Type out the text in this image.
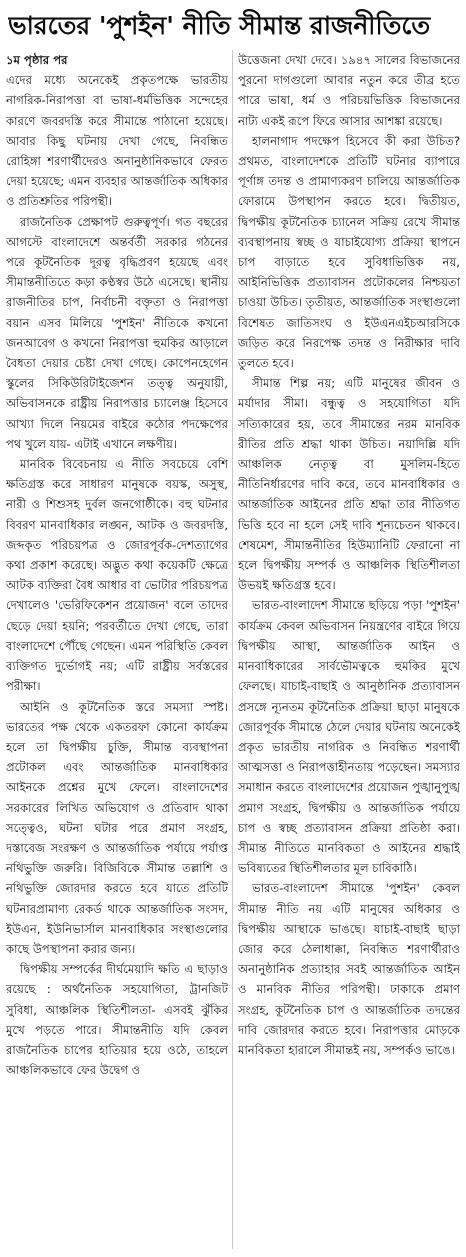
ভারতের 'পুশইন' নীতি সীমান্ত রাজনীতিতে
১ম পৃষ্ঠার পর

এদের মধ্যে অনেকেই প্রকৃতপক্ষে ভারতীয় নাগরিক-নিরাপত্তা বা ভাষা-ধর্মভিত্তিক সন্দেহের কারণে জবরদস্তি করে সীমান্তে পাঠানো হয়েছে। আবার কিছু ঘটনায় দেখা গেছে, নিবন্ধিত রোহিঙ্গা শরণার্থীদেরও অনানুষ্ঠানিকভাবে ফেরত দেয়া হয়েছে; এমন ব্যবহার আন্তর্জাতিক অধিকার ও প্রতিশ্রুতির পরিপন্থী।

রাজনৈতিক প্রেক্ষাপট গুরুত্বপূর্ণ। গত বছরের আগস্টে বাংলাদেশে অন্তর্বর্তী সরকার গঠনের পরে কূটনৈতিক দূরত্ব বৃদ্ধিপ্রবণ হয়েছে এবং সীমান্তনীতিতে কড়া কণ্ঠস্বর উঠে এসেছে। স্থানীয় রাজনীতির চাপ, নির্বাচনী বক্তৃতা ও নিরাপত্তা বয়ান এসব মিলিয়ে 'পুশইন' নীতিকে কখনো জনআবেগ ও কখনো নিরাপত্তা হুমকির আড়ালে বৈধতা দেয়ার চেষ্টা দেখা গেছে। কোপেনহেগেন স্কুলের সিকিউরিটাইজেশন তত্ত্ব অনুযায়ী, অভিবাসনকে রাষ্ট্রীয় নিরাপত্তার চ্যালেঞ্জ হিসেবে আখ্যা দিলে নিয়মের বাইরে কঠোর পদক্ষেপের পথ খুলে যায়- এটাই এখানে লক্ষণীয়।

মানবিক বিবেচনায় এ নীতি সবচেয়ে বেশি ক্ষতিগ্রস্ত করে সাধারণ মানুষকে বয়স্ক, অসুস্থ, নারী ও শিশুসহ দুর্বল জনগোষ্ঠীকে। বহু ঘটনার বিবরণ মানবাধিকার লঙ্ঘন, আটক ও জবরদস্তি, জব্দকৃত পরিচয়পত্র ও জোরপূর্বক-দেশত্যাগের কথা প্রকাশ করেছে। অদ্ভুত কথা কয়েকটি ক্ষেত্রে আটক ব্যক্তিরা বৈধ আধার বা ভোটার পরিচয়পত্র দেখালেও 'ভেরিফিকেশন প্রয়োজন' বলে তাদের ছেড়ে দেয়া হয়নি; পরবর্তীতে দেখা গেছে, তারা বাংলাদেশে পৌঁছে গেছেন। এমন পরিস্থিতি কেবল ব্যক্তিগত দুর্ভোগই নয়; এটি রাষ্ট্রীয় সর্বস্তরের পরীক্ষা।

আইনি ও কূটনৈতিক স্তরে সমস্যা স্পষ্ট। ভারতের পক্ষ থেকে একতরফা কোনো কার্যক্রম হলে তা দ্বিপক্ষীয় চুক্তি, সীমান্ত ব্যবস্থাপনা প্রটোকল এবং আন্তর্জাতিক মানবাধিকার আইনকে প্রশ্নের মুখে ফেলে। বাংলাদেশের সরকারের লিখিত অভিযোগ ও প্রতিবাদ থাকা সত্ত্বেও, ঘটনা ঘটার পরে প্রমাণ সংগ্রহ, দস্তাবেজ সংরক্ষণ ও আন্তর্জাতিক পর্যায়ে পর্যাপ্ত নথিভুক্তি জরুরি। বিজিবিকে সীমান্ত তল্লাশি ও নথিভুক্তি জোরদার করতে হবে যাতে প্রতিটি ঘটনারপ্রামাণ্য রেকর্ড থাকে আন্তর্জাতিক সংসদ, ইউএন, ইউনিভার্সাল মানবাধিকার সংস্থাগুলোর কাছে উপস্থাপনা করার জন্য।

দ্বিপক্ষীয় সম্পর্কের দীর্ঘমেয়াদি ক্ষতি এ ছাড়াও রয়েছে : অর্থনৈতিক সহযোগিতা, ট্রানজিট সুবিধা, আঞ্চলিক স্থিতিশীলতা- এসবই ঝুঁকির মুখে পড়তে পারে। সীমান্তনীতি যদি কেবল রাজনৈতিক চাপের হাতিয়ার হয়ে ওঠে, তাহলে আঞ্চলিকভাবে ফের উদ্বেগ ও

উত্তেজনা দেখা দেবে। ১৯৪৭ সালের বিভাজনের পুরনো দাগগুলো আবার নতুন করে তীব্র হতে পারে ভাষা, ধর্ম ও পরিচয়ভিত্তিক বিভাজনের নাট্য একই রূপে ফিরে আসার আশঙ্কা রয়েছে।

হালনাগাদ পদক্ষেপ হিসেবে কী করা উচিত? প্রথমত, বাংলাদেশকে প্রতিটি ঘটনার ব্যাপারে পূর্ণাঙ্গ তদন্ত ও প্রামাণ্যকরণ চালিয়ে আন্তর্জাতিক ফোরামে উপস্থাপন করতে হবে। দ্বিতীয়ত, দ্বিপক্ষীয় কূটনৈতিক চ্যানেল সক্রিয় রেখে সীমান্ত ব্যবস্থাপনায় স্বচ্ছ ও যাচাইযোগ্য প্রক্রিয়া স্থাপনে চাপ বাড়াতে হবে সুবিধাভিত্তিক নয়, আইনিভিত্তিক প্রত্যাবাসন প্রটোকলের নিশ্চয়তা চাওয়া উচিত। তৃতীয়ত, আন্তর্জাতিক সংস্থাগুলো বিশেষত জাতিসংঘ ও ইউএনএইচআরসিকে জড়িত করে নিরপেক্ষ তদন্ত ও নিরীক্ষার দাবি তুলতে হবে।

সীমান্ত শিল্প নয়; এটি মানুষের জীবন ও মর্যাদার সীমা। বন্ধুত্ব ও সহযোগিতা যদি সত্যিকারের হয়, তবে সীমান্তের নরম মানবিক রীতির প্রতি শ্রদ্ধা থাকা উচিত। নয়াদিল্লি যদি আঞ্চলিক নেতৃত্ব বা মুসলিম-হিতে নীতিনির্ধারণের দাবি করে, তবে মানবাধিকার ও আন্তর্জাতিক আইনের প্রতি শ্রদ্ধা তার নীতিগত ভিত্তি হবে না হলে সেই দাবি শূন্যচেতন থাকবে। শেষমেশ, সীমান্তনীতির হিউম্যানিটি ফেরানো না হলে দ্বিপক্ষীয় সম্পর্ক ও আঞ্চলিক স্থিতিশীলতা উভয়ই ক্ষতিগ্রস্ত হবে।

ভারত-বাংলাদেশ সীমান্তে ছড়িয়ে পড়া 'পুশইন' কার্যক্রম কেবল অভিবাসন নিয়ন্ত্রণের বাইরে গিয়ে দ্বিপক্ষীয় আস্থা, আন্তর্জাতিক আইন ও মানবাধিকারের সার্বভৌমত্বকে হুমকির মুখে ফেলছে। যাচাই-বাছাই ও আনুষ্ঠানিক প্রত্যাবাসন প্রসঙ্গে ন্যূনতম কূটনৈতিক প্রক্রিয়া ছাড়া মানুষকে জোরপূর্বক সীমান্তে ঠেলে দেয়ার ঘটনায় অনেকেই প্রকৃত ভারতীয় নাগরিক ও নিবন্ধিত শরণার্থী আত্মসত্তা ও নিরাপত্তাহীনতায় পড়েছেন। সমস্যার সমাধান করতে বাংলাদেশের প্রয়োজন পুঙ্খানুপুঙ্খ প্রমাণ সংগ্রহ, দ্বিপক্ষীয় ও আন্তর্জাতিক পর্যায়ে চাপ ও স্বচ্ছ প্রত্যাবাসন প্রক্রিয়া প্রতিষ্ঠা করা। সীমান্ত নীতিতে মানবিকতা ও আইনের শ্রদ্ধাই ভবিষ্যতের স্থিতিশীলতার মূল চাবিকাঠি।

ভারত-বাংলাদেশ সীমান্তে 'পুশইন' কেবল সীমান্ত নীতি নয় এটি মানুষের অধিকার ও দ্বিপক্ষীয় আস্থাকে ভাঙছে। যাচাই-বাছাই ছাড়া জোর করে ঠেলাধাক্কা, নিবন্ধিত শরণার্থীরাও অনানুষ্ঠানিক প্রত্যাহার সবই আন্তর্জাতিক আইন ও মানবিক নীতির পরিপন্থী। ঢাকাকে প্রমাণ সংগ্রহ, কূটনৈতিক চাপ ও আন্তর্জাতিক তদন্তের দাবি জোরদার করতে হবে। নিরাপত্তার মোড়কে মানবিকতা হারালে সীমান্তই নয়, সম্পর্কও ভাঙে।
